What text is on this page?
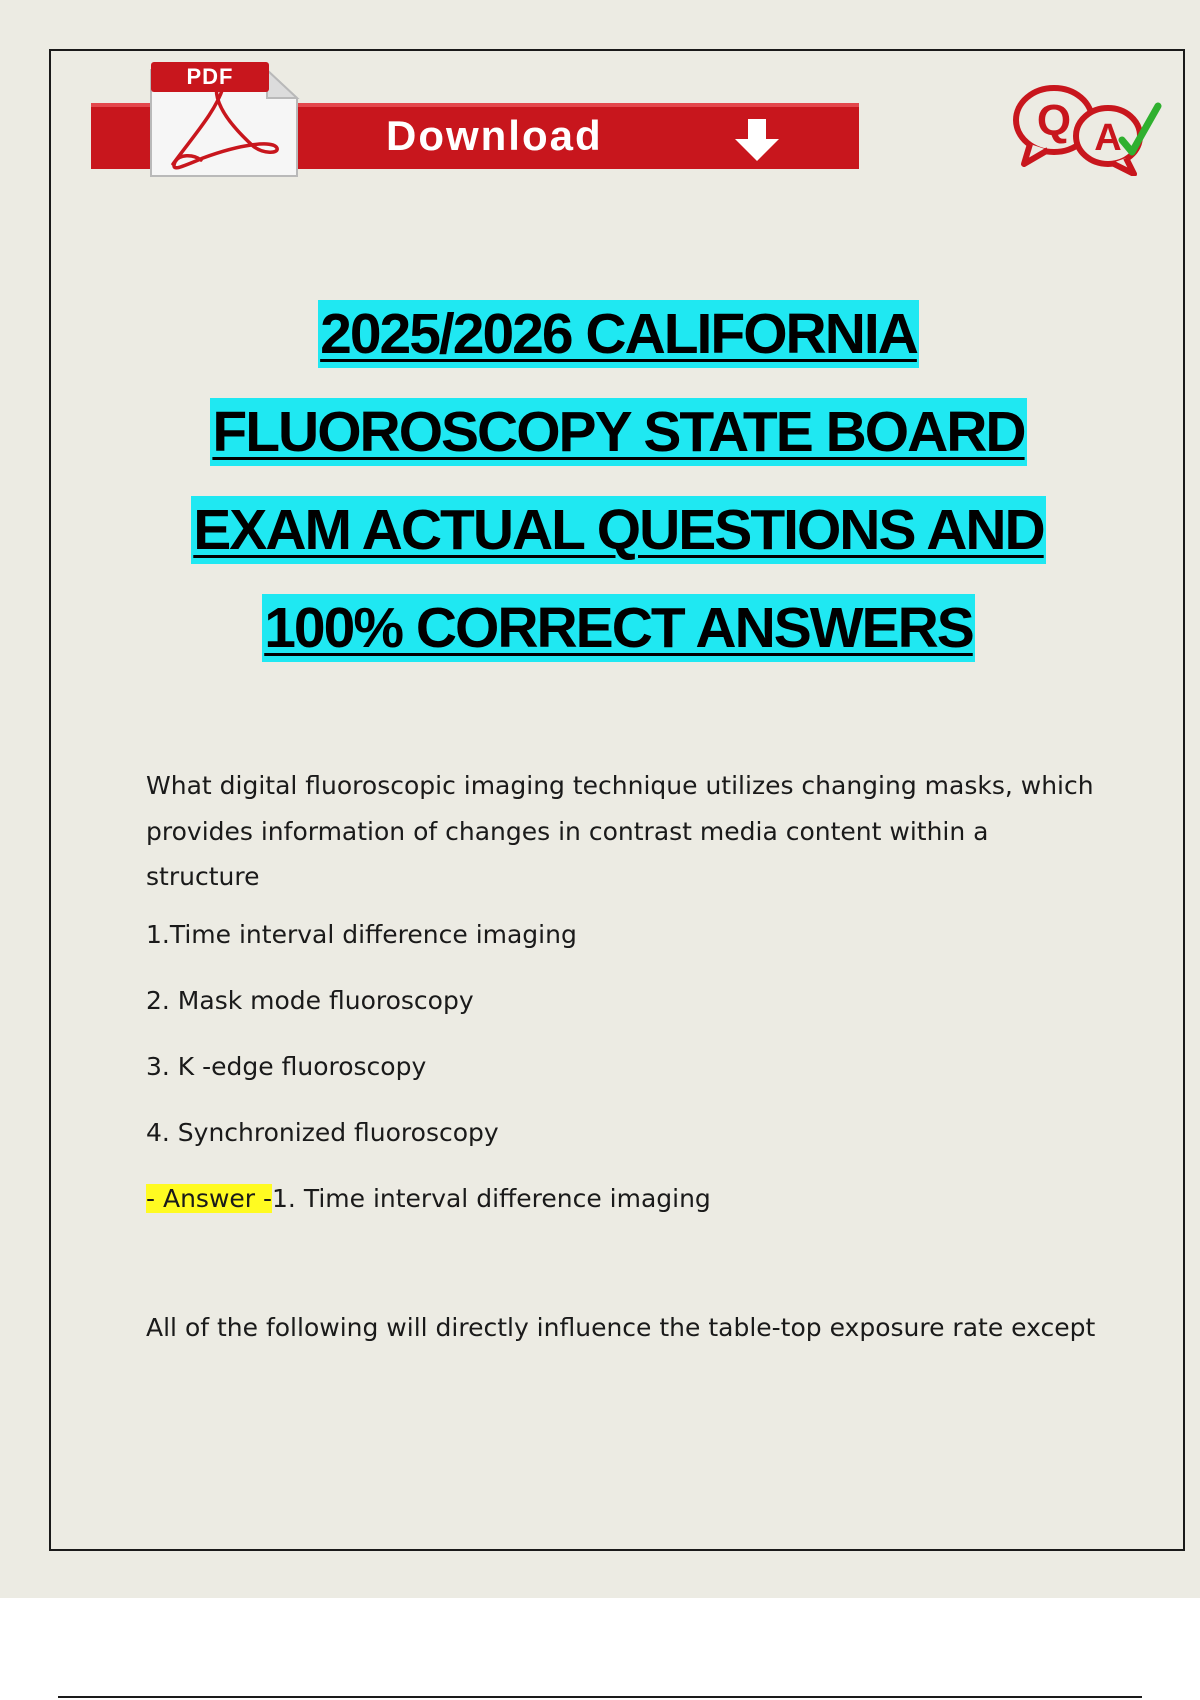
PDF
Download	Q A
2025/2026 CALIFORNIA
FLUOROSCOPY STATE BOARD
EXAM ACTUAL QUESTIONS AND
100% CORRECT ANSWERS

What digital fluoroscopic imaging technique utilizes changing masks, which provides information of changes in contrast media content within a structure

1.Time interval difference imaging

2. Mask mode fluoroscopy

3. K -edge fluoroscopy

4. Synchronized fluoroscopy

- Answer -1. Time interval difference imaging

All of the following will directly influence the table-top exposure rate except
